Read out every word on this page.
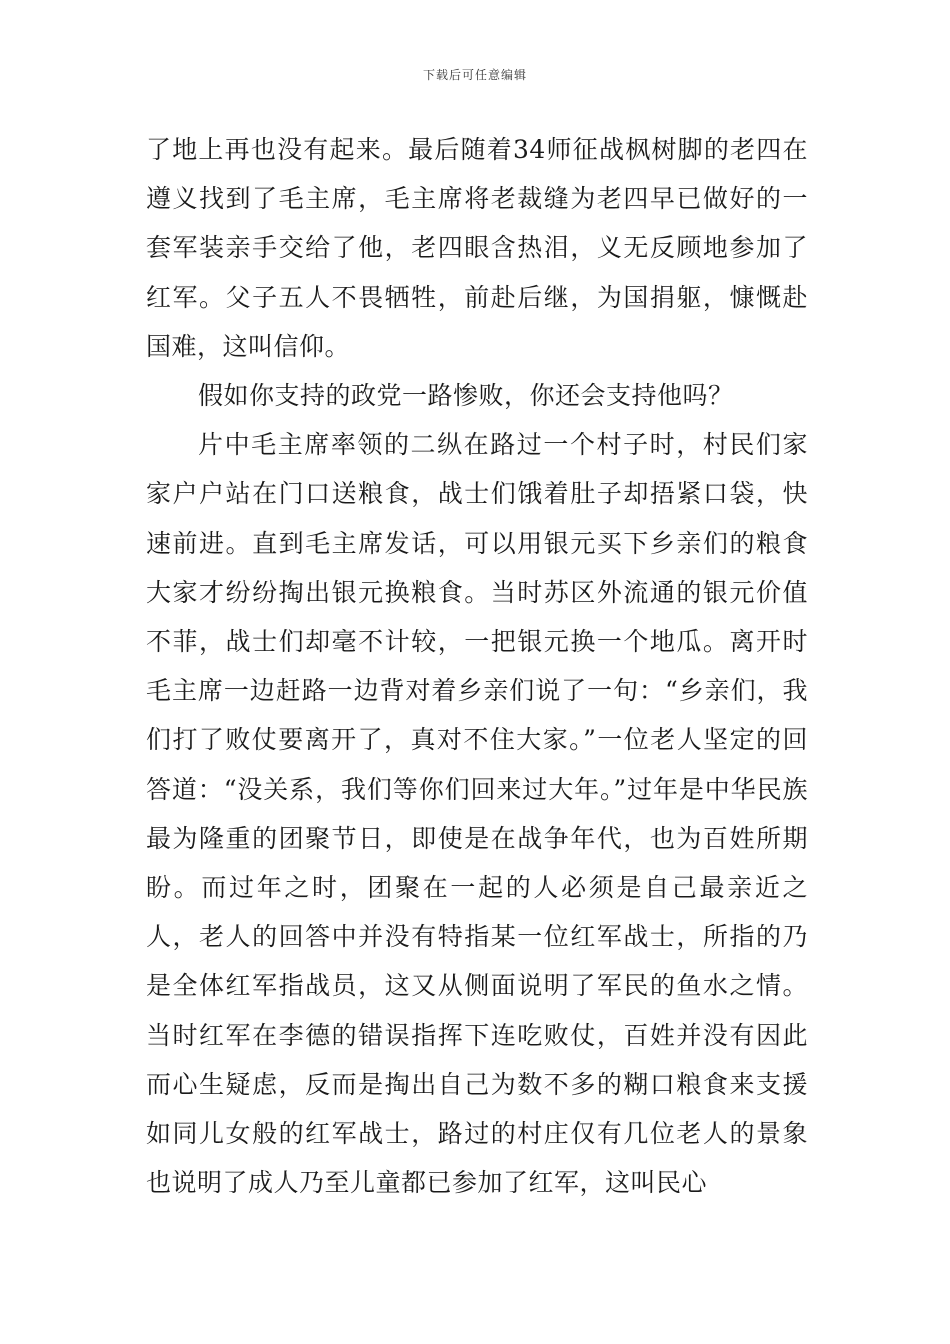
下载后可任意编辑

了地上再也没有起来。最后随着34师征战枫树脚的老四在遵义找到了毛主席，毛主席将老裁缝为老四早已做好的一套军装亲手交给了他，老四眼含热泪，义无反顾地参加了红军。父子五人不畏牺牲，前赴后继，为国捐躯，慷慨赴国难，这叫信仰。

假如你支持的政党一路惨败，你还会支持他吗？

片中毛主席率领的二纵在路过一个村子时，村民们家家户户站在门口送粮食，战士们饿着肚子却捂紧口袋，快速前进。直到毛主席发话，可以用银元买下乡亲们的粮食大家才纷纷掏出银元换粮食。当时苏区外流通的银元价值不菲，战士们却毫不计较，一把银元换一个地瓜。离开时毛主席一边赶路一边背对着乡亲们说了一句：“乡亲们，我们打了败仗要离开了，真对不住大家。”一位老人坚定的回答道：“没关系，我们等你们回来过大年。”过年是中华民族最为隆重的团聚节日，即使是在战争年代，也为百姓所期盼。而过年之时，团聚在一起的人必须是自己最亲近之人，老人的回答中并没有特指某一位红军战士，所指的乃是全体红军指战员，这又从侧面说明了军民的鱼水之情。当时红军在李德的错误指挥下连吃败仗，百姓并没有因此而心生疑虑，反而是掏出自己为数不多的糊口粮食来支援如同儿女般的红军战士，路过的村庄仅有几位老人的景象也说明了成人乃至儿童都已参加了红军，这叫民心
